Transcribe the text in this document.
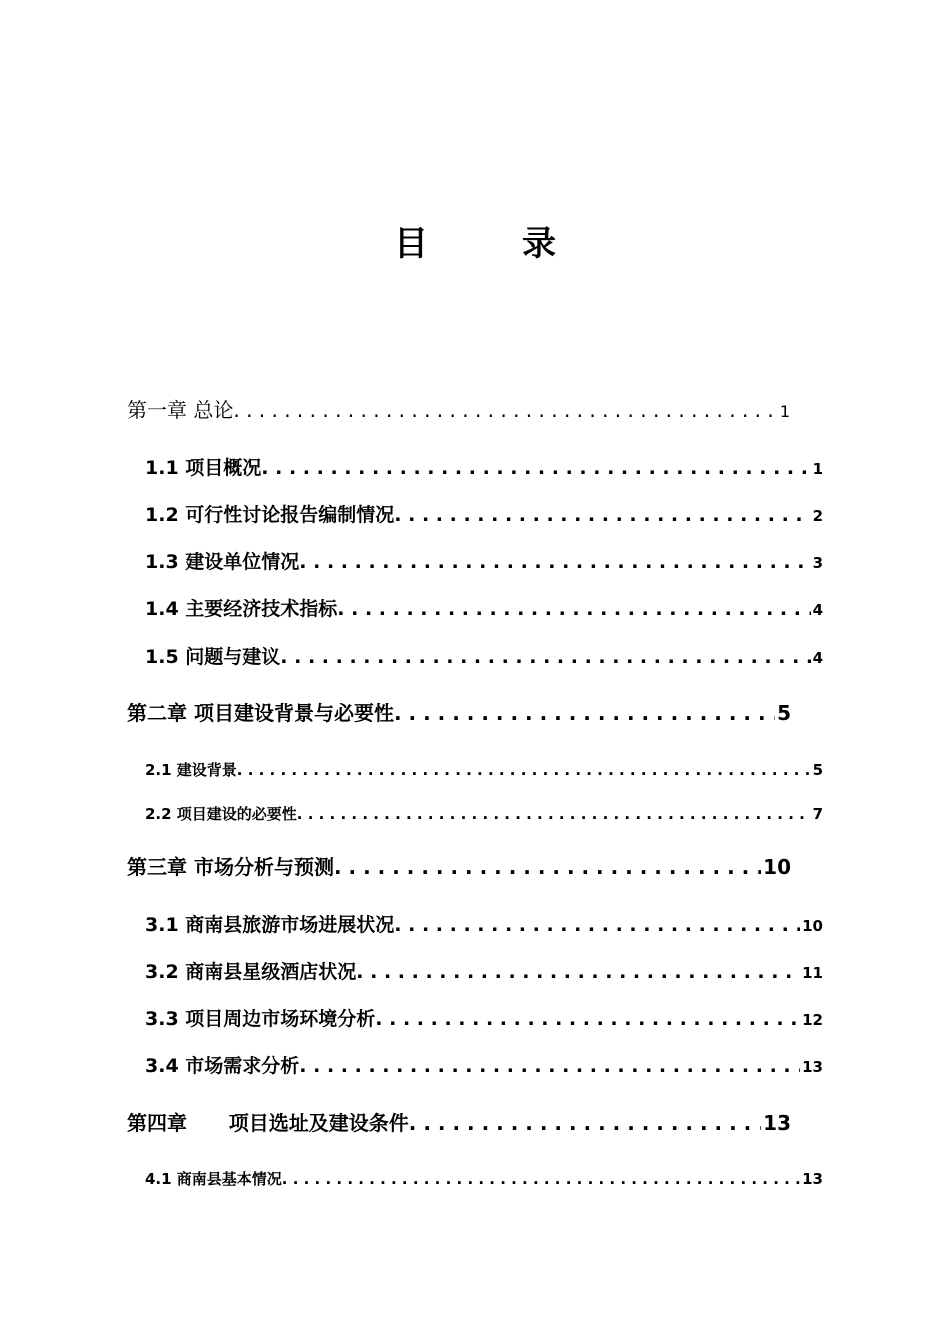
目　录
第一章 总论 . . .	1
1.1 项目概况 . . .	1
1.2 可行性讨论报告编制情况 . . .	2
1.3 建设单位情况 . . .	3
1.4 主要经济技术指标 . . .	4
1.5 问题与建议 . . .	4
第二章 项目建设背景与必要性 . . .	5
2.1 建设背景 . . .	5
2.2 项目建设的必要性 . . .	7
第三章 市场分析与预测 . . .	10
3.1 商南县旅游市场进展状况 . . .	10
3.2 商南县星级酒店状况 . . .	11
3.3 项目周边市场环境分析 . . .	12
3.4 市场需求分析 . . .	13
第四章      项目选址及建设条件 . . .	13
4.1 商南县基本情况 . . .	13
